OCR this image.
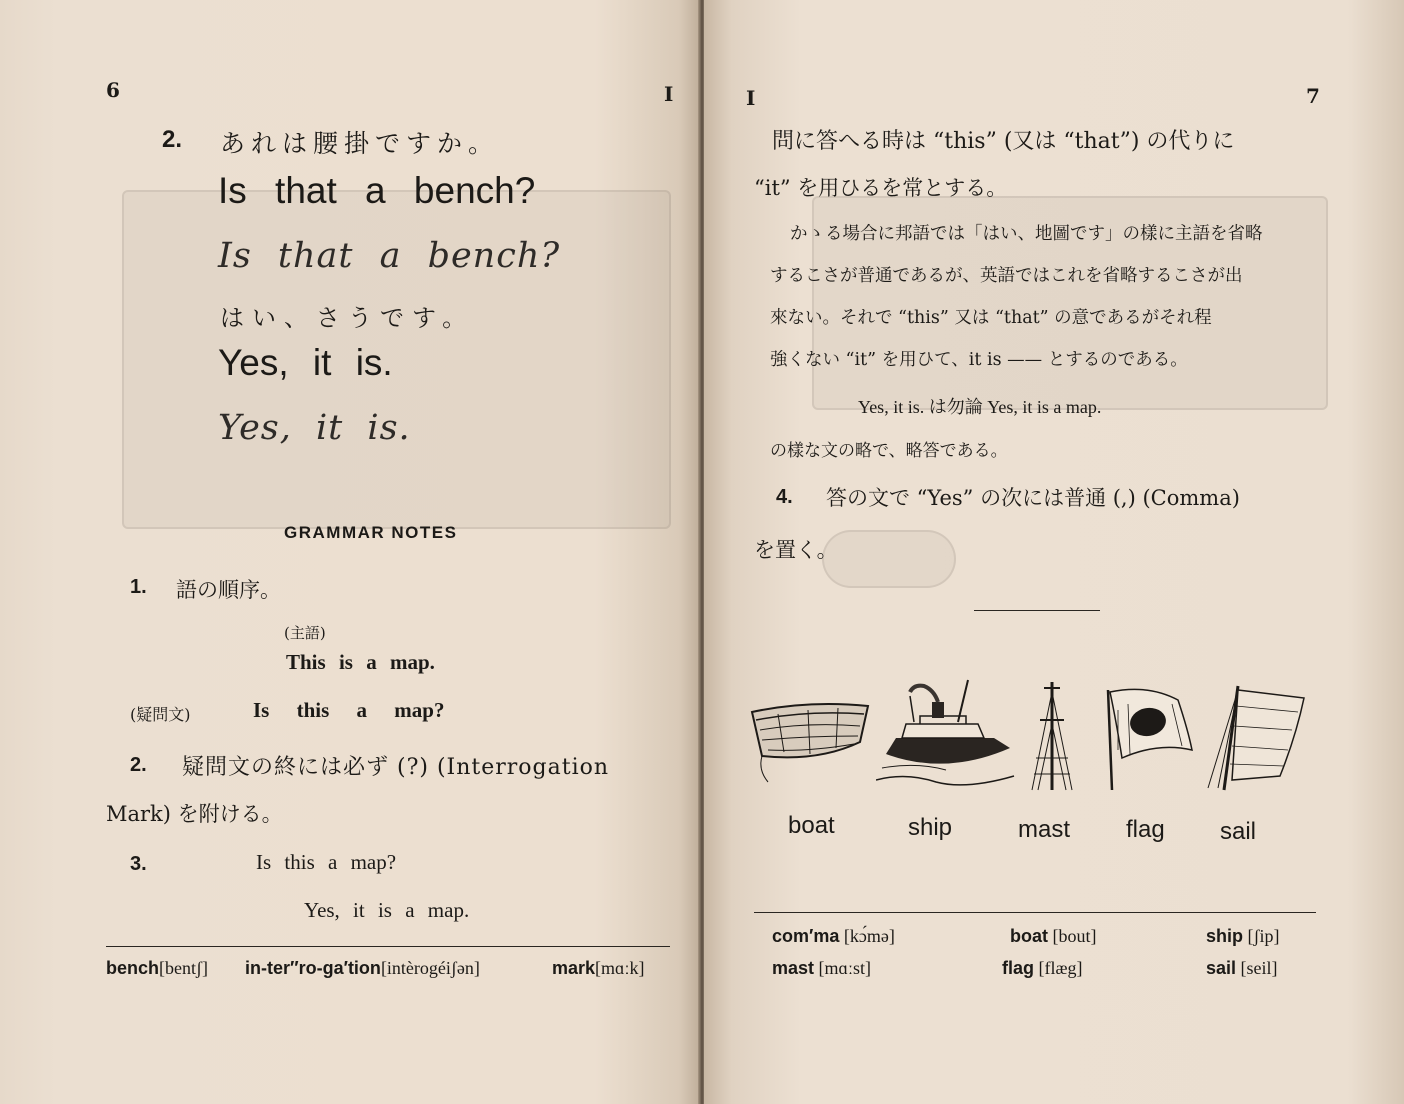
6	I
2. あれは腰掛ですか。
Is that a bench?
Is that a bench?
はい、さうです。
Yes, it is.
Yes, it is.
GRAMMAR NOTES
1. 語の順序。
(主語)
This is a map.
(疑問文)	Is this a map?
2. 疑問文の終には必ず (?) (Interrogation
Mark) を附ける。
3.	Is this a map?
Yes, it is a map.
bench[bentʃ] in-ter″ro-ga′tion[intèrogéiʃən]	mark[mɑːk]
I	7
問に答へる時は “this” (又は “that”) の代りに
“it” を用ひるを常とする。
かゝる場合に邦語では「はい、地圖です」の樣に主語を省略
するこさが普通であるが、英語ではこれを省略するこさが出
來ない。それで “this” 又は “that” の意であるがそれ程
強くない “it” を用ひて、it is —— とするのである。
Yes, it is. は勿論 Yes, it is a map.
の樣な文の略で、略答である。
4. 答の文で “Yes” の次には普通 (,) (Comma)
を置く。
boat	ship	mast flag sail
com′ma [kɔ́mə]	boat [bout]	ship [ʃip]
mast [mɑːst]	flag [flæg]	sail [seil]
